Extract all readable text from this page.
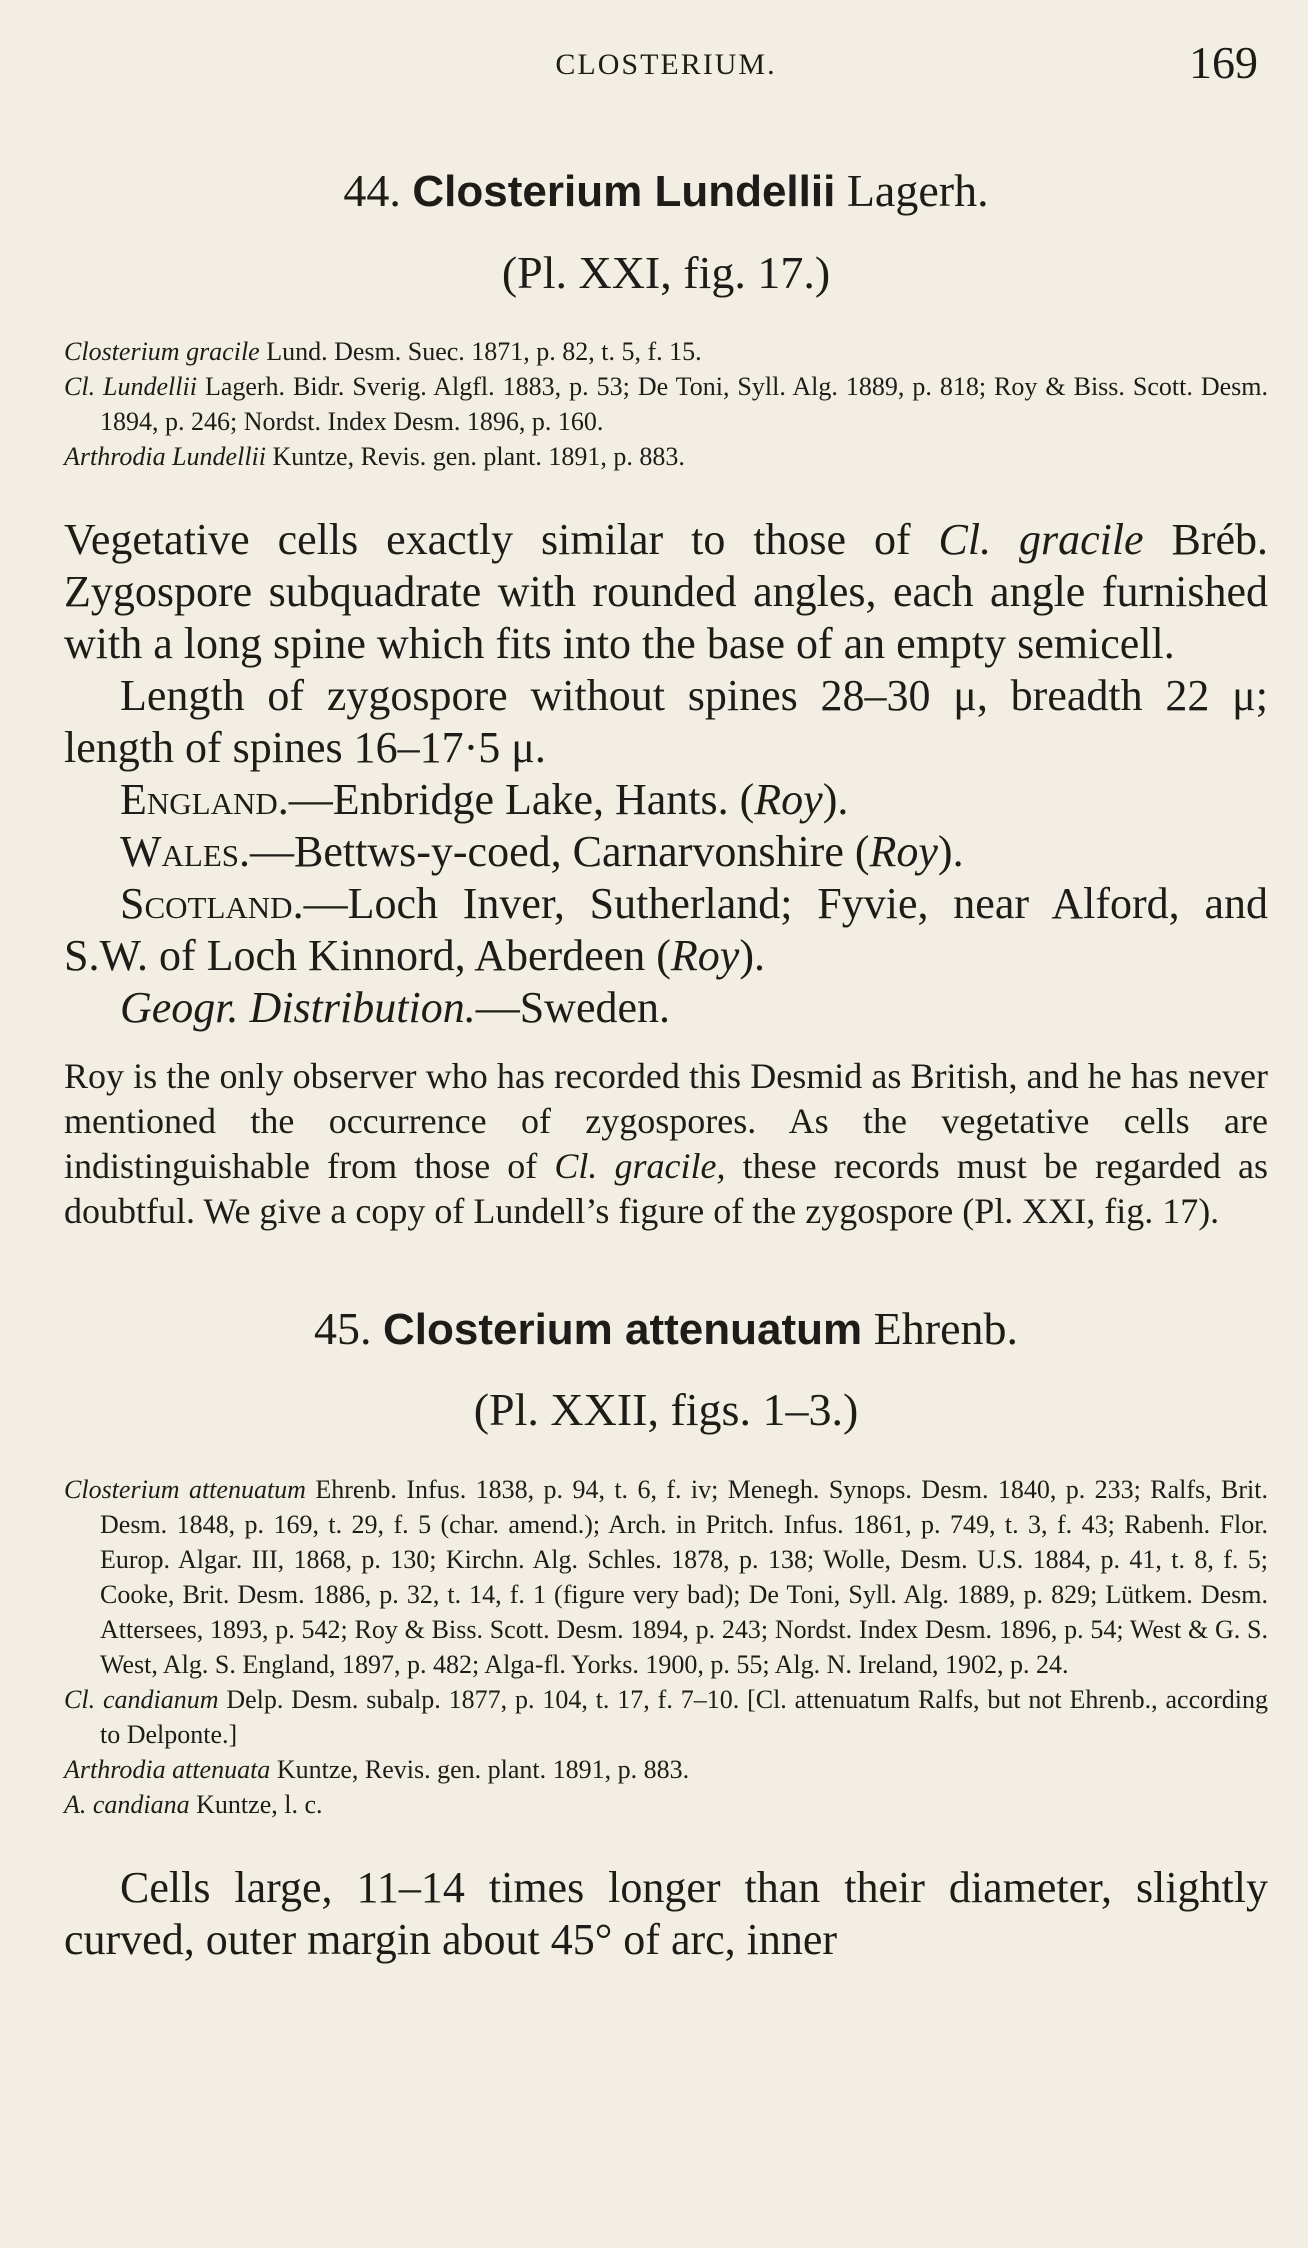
CLOSTERIUM.	169
44. Closterium Lundellii Lagerh.
(Pl. XXI, fig. 17.)
Closterium gracile Lund. Desm. Suec. 1871, p. 82, t. 5, f. 15.
Cl. Lundellii Lagerh. Bidr. Sverig. Algfl. 1883, p. 53; De Toni, Syll. Alg. 1889, p. 818; Roy & Biss. Scott. Desm. 1894, p. 246; Nordst. Index Desm. 1896, p. 160.
Arthrodia Lundellii Kuntze, Revis. gen. plant. 1891, p. 883.

Vegetative cells exactly similar to those of Cl. gracile Bréb. Zygospore subquadrate with rounded angles, each angle furnished with a long spine which fits into the base of an empty semicell.

Length of zygospore without spines 28–30 μ, breadth 22 μ; length of spines 16–17·5 μ.

England.—Enbridge Lake, Hants. (Roy).

Wales.—Bettws-y-coed, Carnarvonshire (Roy).

Scotland.—Loch Inver, Sutherland; Fyvie, near Alford, and S.W. of Loch Kinnord, Aberdeen (Roy).

Geogr. Distribution.—Sweden.

Roy is the only observer who has recorded this Desmid as British, and he has never mentioned the occurrence of zygospores. As the vegetative cells are indistinguishable from those of Cl. gracile, these records must be regarded as doubtful. We give a copy of Lundell’s figure of the zygospore (Pl. XXI, fig. 17).

45. Closterium attenuatum Ehrenb.
(Pl. XXII, figs. 1–3.)
Closterium attenuatum Ehrenb. Infus. 1838, p. 94, t. 6, f. iv; Menegh. Synops. Desm. 1840, p. 233; Ralfs, Brit. Desm. 1848, p. 169, t. 29, f. 5 (char. amend.); Arch. in Pritch. Infus. 1861, p. 749, t. 3, f. 43; Rabenh. Flor. Europ. Algar. III, 1868, p. 130; Kirchn. Alg. Schles. 1878, p. 138; Wolle, Desm. U.S. 1884, p. 41, t. 8, f. 5; Cooke, Brit. Desm. 1886, p. 32, t. 14, f. 1 (figure very bad); De Toni, Syll. Alg. 1889, p. 829; Lütkem. Desm. Attersees, 1893, p. 542; Roy & Biss. Scott. Desm. 1894, p. 243; Nordst. Index Desm. 1896, p. 54; West & G. S. West, Alg. S. England, 1897, p. 482; Alga-fl. Yorks. 1900, p. 55; Alg. N. Ireland, 1902, p. 24.
Cl. candianum Delp. Desm. subalp. 1877, p. 104, t. 17, f. 7–10. [Cl. attenuatum Ralfs, but not Ehrenb., according to Delponte.]
Arthrodia attenuata Kuntze, Revis. gen. plant. 1891, p. 883.
A. candiana Kuntze, l. c.

Cells large, 11–14 times longer than their diameter, slightly curved, outer margin about 45° of arc, inner
